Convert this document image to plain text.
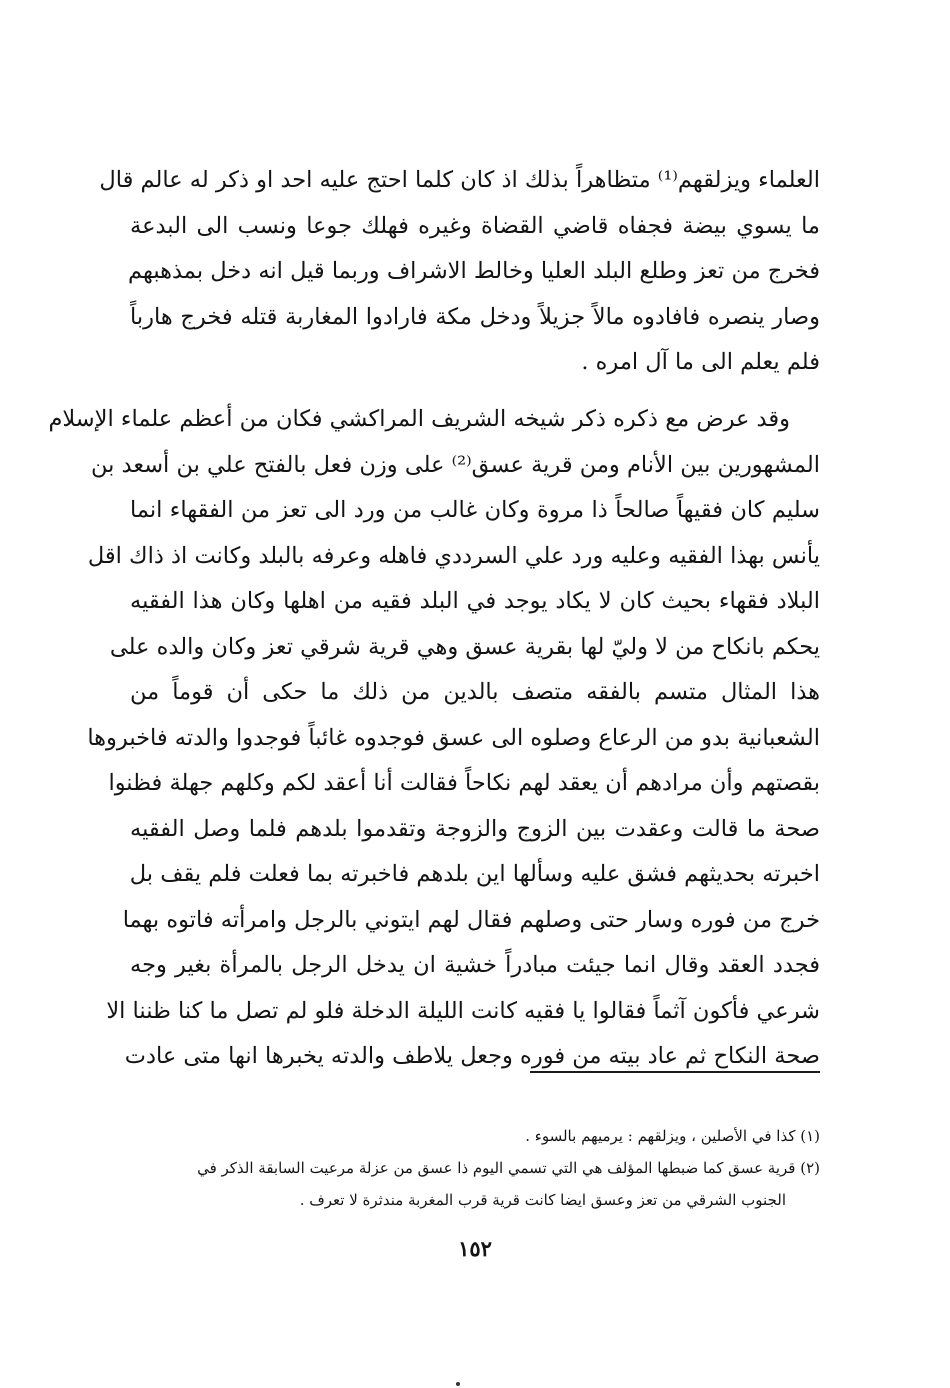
العلماء ويزلقهم⁽¹⁾ متظاهراً بذلك اذ كان كلما احتج عليه احد او ذكر له عالم قال
ما يسوي بيضة فجفاه قاضي القضاة وغيره فهلك جوعا ونسب الى البدعة
فخرج من تعز وطلع البلد العليا وخالط الاشراف وربما قيل انه دخل بمذهبهم
وصار ينصره فافادوه مالاً جزيلاً ودخل مكة فارادوا المغاربة قتله فخرج هارباً
فلم يعلم الى ما آل امره .
وقد عرض مع ذكره ذكر شيخه الشريف المراكشي فكان من أعظم علماء الإسلام
المشهورين بين الأنام ومن قرية عسق⁽²⁾ على وزن فعل بالفتح علي بن أسعد بن
سليم كان فقيهاً صالحاً ذا مروة وكان غالب من ورد الى تعز من الفقهاء انما
يأنس بهذا الفقيه وعليه ورد علي السرددي فاهله وعرفه بالبلد وكانت اذ ذاك اقل
البلاد فقهاء بحيث كان لا يكاد يوجد في البلد فقيه من اهلها وكان هذا الفقيه
يحكم بانكاح من لا وليّ لها بقرية عسق وهي قرية شرقي تعز وكان والده على
هذا المثال متسم بالفقه متصف بالدين من ذلك ما حكى أن قوماً من
الشعبانية بدو من الرعاع وصلوه الى عسق فوجدوه غائباً فوجدوا والدته فاخبروها
بقصتهم وأن مرادهم أن يعقد لهم نكاحاً فقالت أنا أعقد لكم وكلهم جهلة فظنوا
صحة ما قالت وعقدت بين الزوج والزوجة وتقدموا بلدهم فلما وصل الفقيه
اخبرته بحديثهم فشق عليه وسألها اين بلدهم فاخبرته بما فعلت فلم يقف بل
خرج من فوره وسار حتى وصلهم فقال لهم ايتوني بالرجل وامرأته فاتوه بهما
فجدد العقد وقال انما جيئت مبادراً خشية ان يدخل الرجل بالمرأة بغير وجه
شرعي فأكون آثماً فقالوا يا فقيه كانت الليلة الدخلة فلو لم تصل ما كنا ظننا الا
صحة النكاح ثم عاد بيته من فوره وجعل يلاطف والدته يخبرها انها متى عادت
(١) كذا في الأصلين ، ويزلقهم : يرميهم بالسوء .
(٢) قرية عسق كما ضبطها المؤلف هي التي تسمي اليوم ذا عسق من عزلة مرعيت السابقة الذكر في
الجنوب الشرقي من تعز وعسق ايضا كانت قرية قرب المغربة مندثرة لا تعرف .
١٥٢
